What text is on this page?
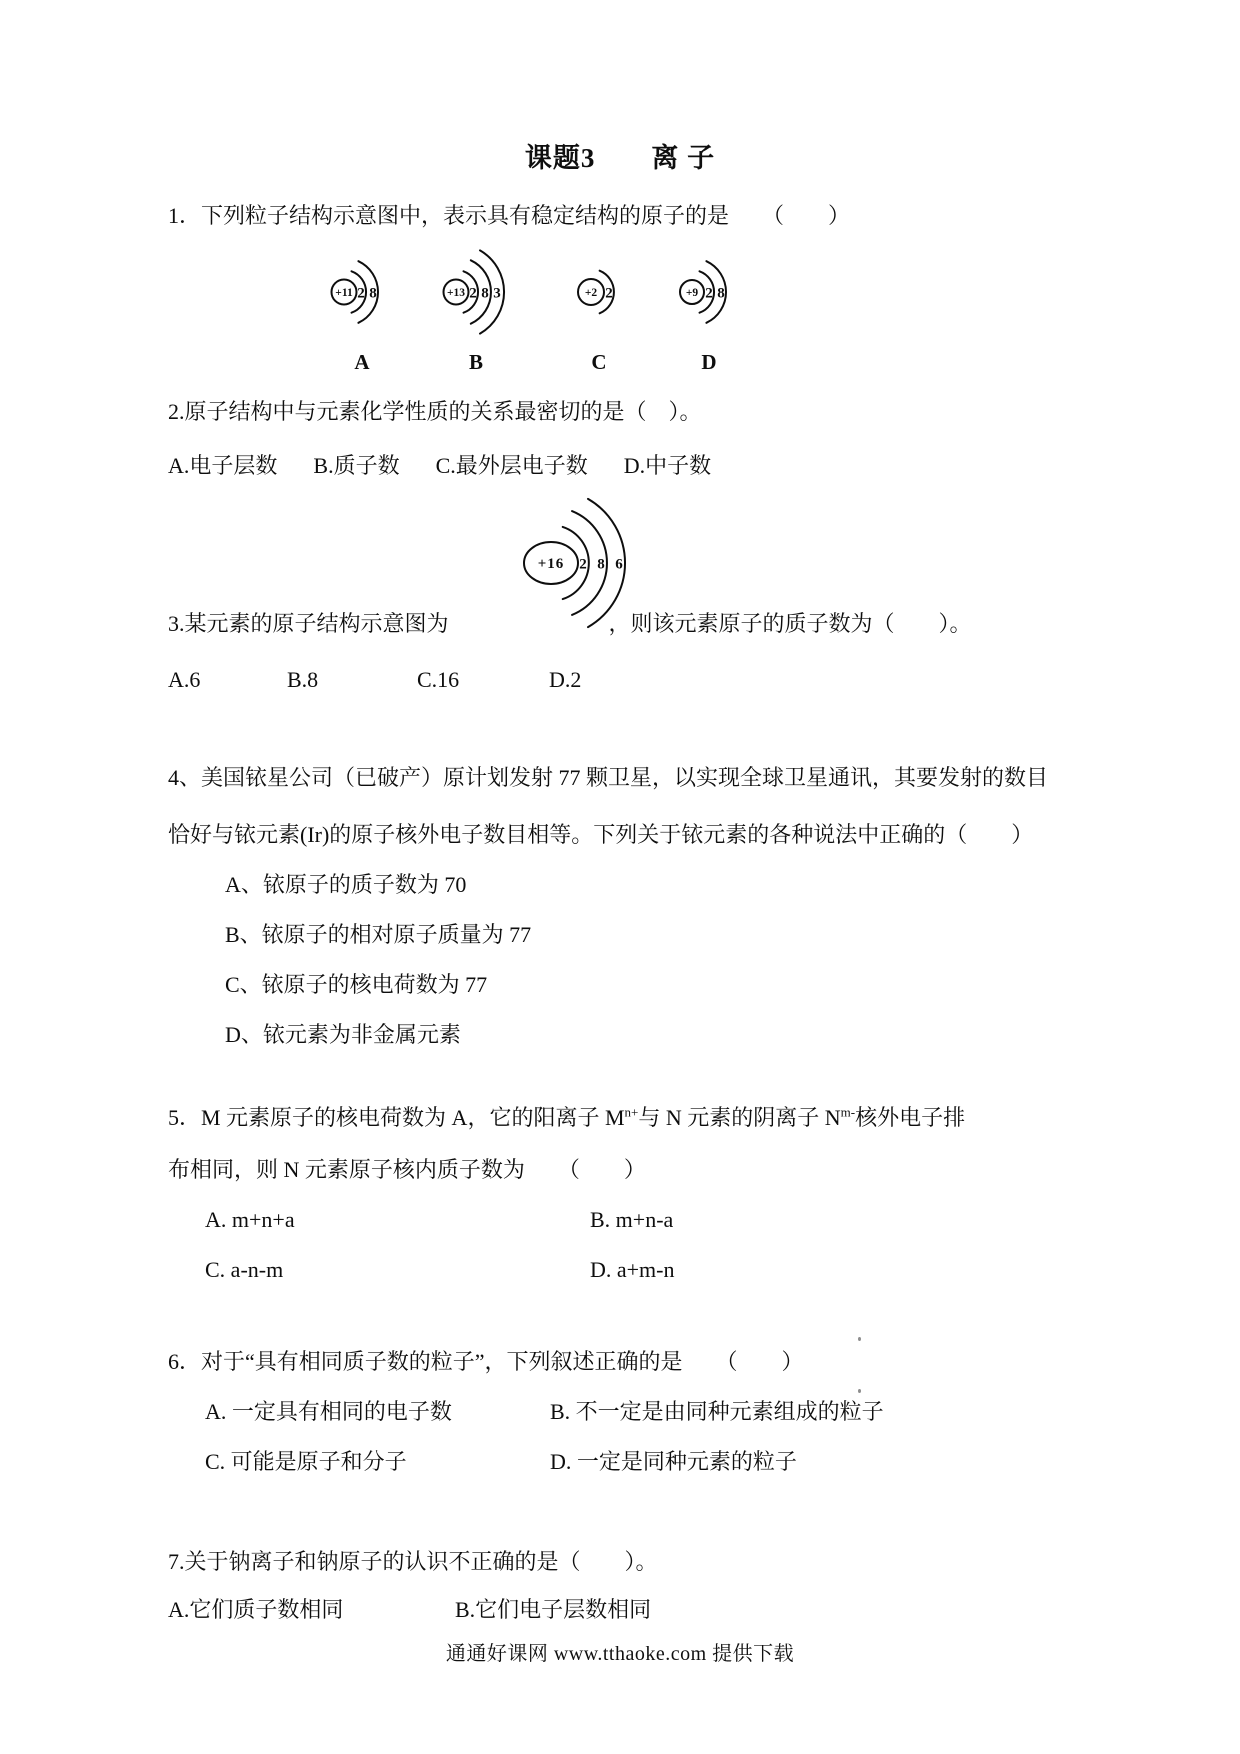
课题3　　离 子

1．下列粒子结构示意图中，表示具有稳定结构的原子的是　　（　　）

+11 2 8
A
+13 2 8 3
B
+2 2
C
+9 2 8
D

2.原子结构中与元素化学性质的关系最密切的是（　）。

A.电子层数 B.质子数 C.最外层电子数 D.中子数
+16 2 8 6

3.某元素的原子结构示意图为	，则该元素原子的质子数为（　　）。

A.6	B.8	C.16	D.2

4、美国铱星公司（已破产）原计划发射 77 颗卫星，以实现全球卫星通讯，其要发射的数目

恰好与铱元素(Ir)的原子核外电子数目相等。下列关于铱元素的各种说法中正确的（　　）

A、铱原子的质子数为 70
B、铱原子的相对原子质量为 77
C、铱原子的核电荷数为 77
D、铱元素为非金属元素

5．M 元素原子的核电荷数为 A，它的阳离子 $M^{n+}$与 N 元素的阴离子 $N^{m-}$核外电子排

布相同，则 N 元素原子核内质子数为　　（　　）

A. m+n+a	B. m+n-a
C. a-n-m	D. a+m-n

6．对于“具有相同质子数的粒子”，下列叙述正确的是　　（　　）

A. 一定具有相同的电子数	B. 不一定是由同种元素组成的粒子
C. 可能是原子和分子	D. 一定是同种元素的粒子

7.关于钠离子和钠原子的认识不正确的是（　　）。

A.它们质子数相同	B.它们电子层数相同
通通好课网 www.tthaoke.com 提供下载
